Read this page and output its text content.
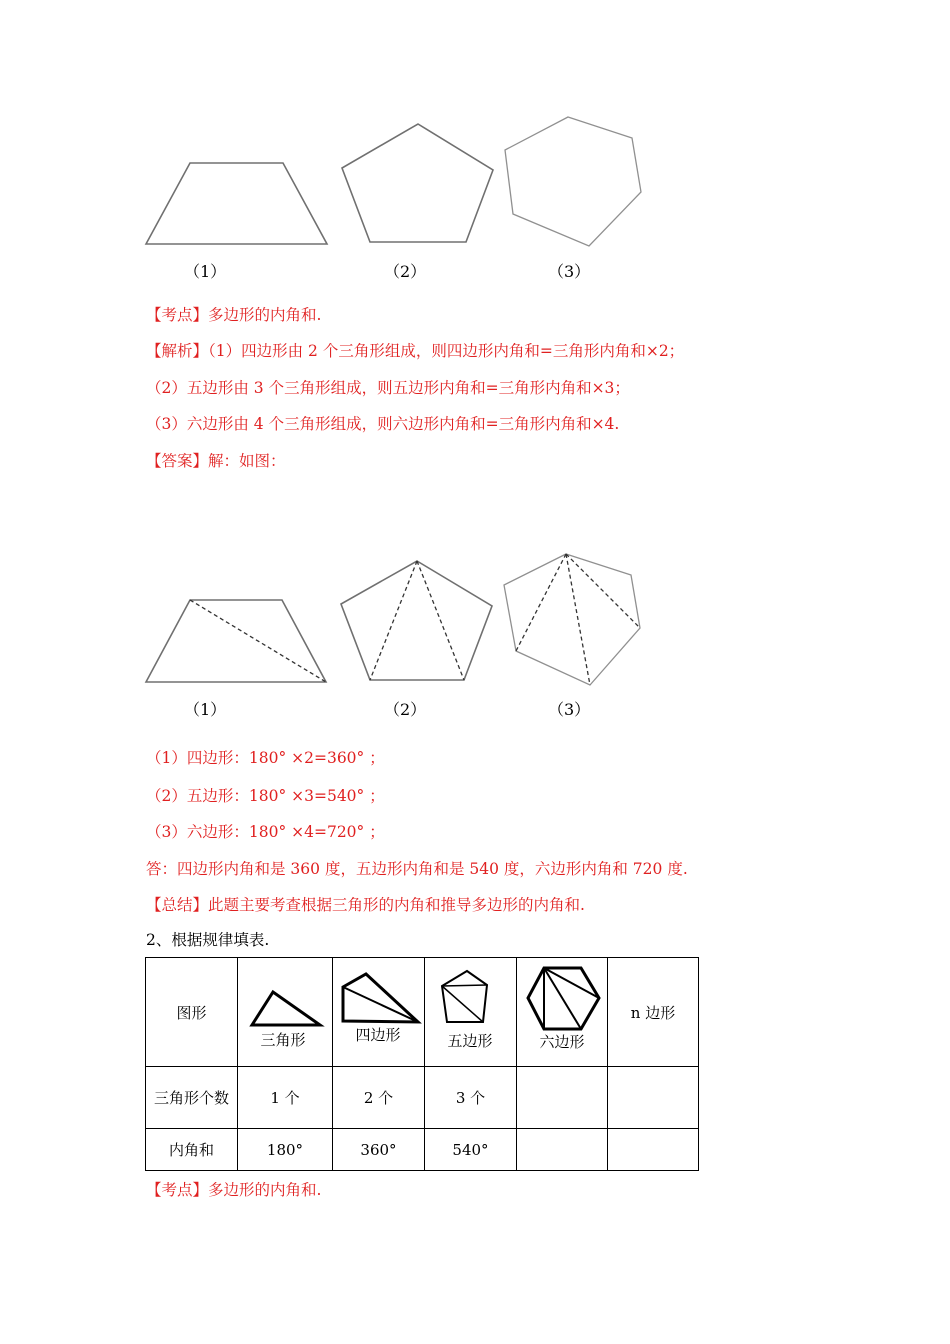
（1）	（2）	（3）
【考点】多边形的内角和.
【解析】（1）四边形由 2 个三角形组成，则四边形内角和=三角形内角和×2；
（2）五边形由 3 个三角形组成，则五边形内角和=三角形内角和×3；
（3）六边形由 4 个三角形组成，则六边形内角和=三角形内角和×4.
【答案】解：如图：
（1）	（2）	（3）
（1）四边形：180° ×2=360° ；
（2）五边形：180° ×3=540° ；
（3）六边形：180° ×4=720° ；
答：四边形内角和是 360 度，五边形内角和是 540 度，六边形内角和 720 度.
【总结】此题主要考查根据三角形的内角和推导多边形的内角和.
2、根据规律填表.
图形	三角形	四边形	五边形	六边形	n 边形
三角形个数	1 个	2 个	3 个		
内角和	180°	360°	540°		
【考点】多边形的内角和.
